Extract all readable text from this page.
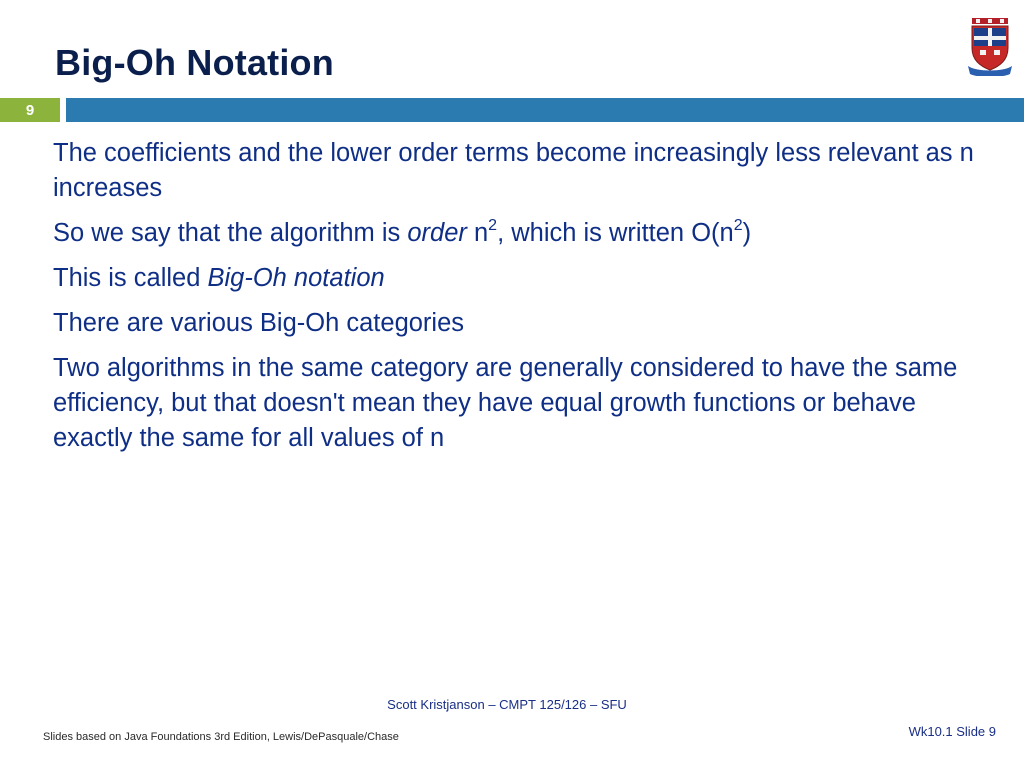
Big-Oh Notation
9

The coefficients and the lower order terms become increasingly less relevant as n increases

So we say that the algorithm is order $n^2$, which is written $O(n^2)$

This is called Big-Oh notation

There are various Big-Oh categories

Two algorithms in the same category are generally considered to have the same efficiency, but that doesn't mean they have equal growth functions or behave exactly the same for all values of n

Scott Kristjanson – CMPT 125/126 – SFU
Slides based on Java Foundations 3rd Edition, Lewis/DePasquale/Chase	Wk10.1 Slide 9
